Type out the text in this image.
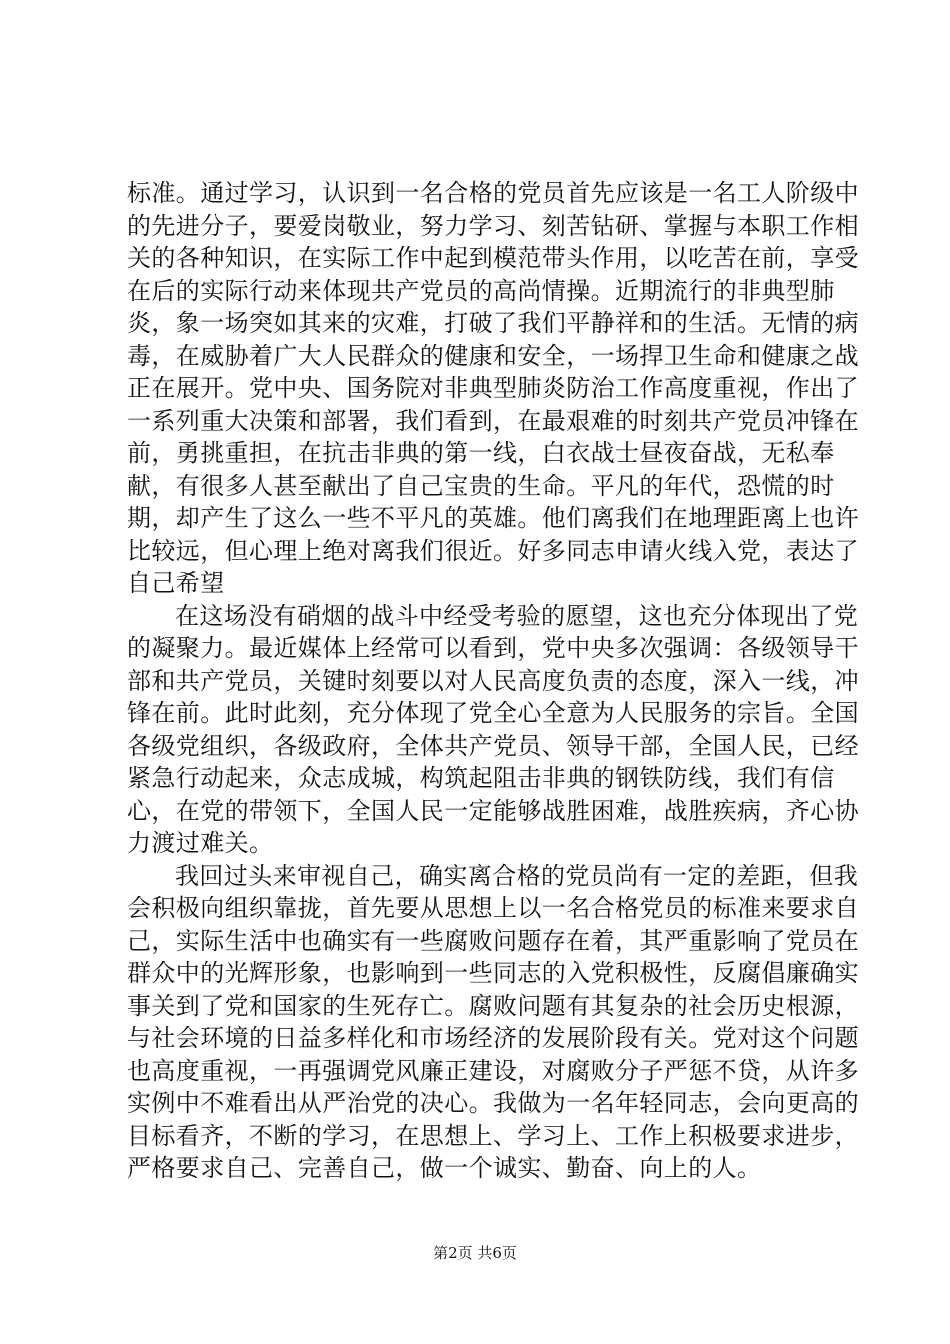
标准。通过学习，认识到一名合格的党员首先应该是一名工人阶级中的先进分子，要爱岗敬业，努力学习、刻苦钻研、掌握与本职工作相关的各种知识，在实际工作中起到模范带头作用，以吃苦在前，享受在后的实际行动来体现共产党员的高尚情操。近期流行的非典型肺炎，象一场突如其来的灾难，打破了我们平静祥和的生活。无情的病毒，在威胁着广大人民群众的健康和安全，一场捍卫生命和健康之战正在展开。党中央、国务院对非典型肺炎防治工作高度重视，作出了一系列重大决策和部署，我们看到，在最艰难的时刻共产党员冲锋在前，勇挑重担，在抗击非典的第一线，白衣战士昼夜奋战，无私奉献，有很多人甚至献出了自己宝贵的生命。平凡的年代，恐慌的时期，却产生了这么一些不平凡的英雄。他们离我们在地理距离上也许比较远，但心理上绝对离我们很近。好多同志申请火线入党，表达了自己希望

在这场没有硝烟的战斗中经受考验的愿望，这也充分体现出了党的凝聚力。最近媒体上经常可以看到，党中央多次强调：各级领导干部和共产党员，关键时刻要以对人民高度负责的态度，深入一线，冲锋在前。此时此刻，充分体现了党全心全意为人民服务的宗旨。全国各级党组织，各级政府，全体共产党员、领导干部，全国人民，已经紧急行动起来，众志成城，构筑起阻击非典的钢铁防线，我们有信心，在党的带领下，全国人民一定能够战胜困难，战胜疾病，齐心协力渡过难关。

我回过头来审视自己，确实离合格的党员尚有一定的差距，但我会积极向组织靠拢，首先要从思想上以一名合格党员的标准来要求自己，实际生活中也确实有一些腐败问题存在着，其严重影响了党员在群众中的光辉形象，也影响到一些同志的入党积极性，反腐倡廉确实事关到了党和国家的生死存亡。腐败问题有其复杂的社会历史根源，与社会环境的日益多样化和市场经济的发展阶段有关。党对这个问题也高度重视，一再强调党风廉正建设，对腐败分子严惩不贷，从许多实例中不难看出从严治党的决心。我做为一名年轻同志，会向更高的目标看齐，不断的学习，在思想上、学习上、工作上积极要求进步，严格要求自己、完善自己，做一个诚实、勤奋、向上的人。

第2页 共6页
